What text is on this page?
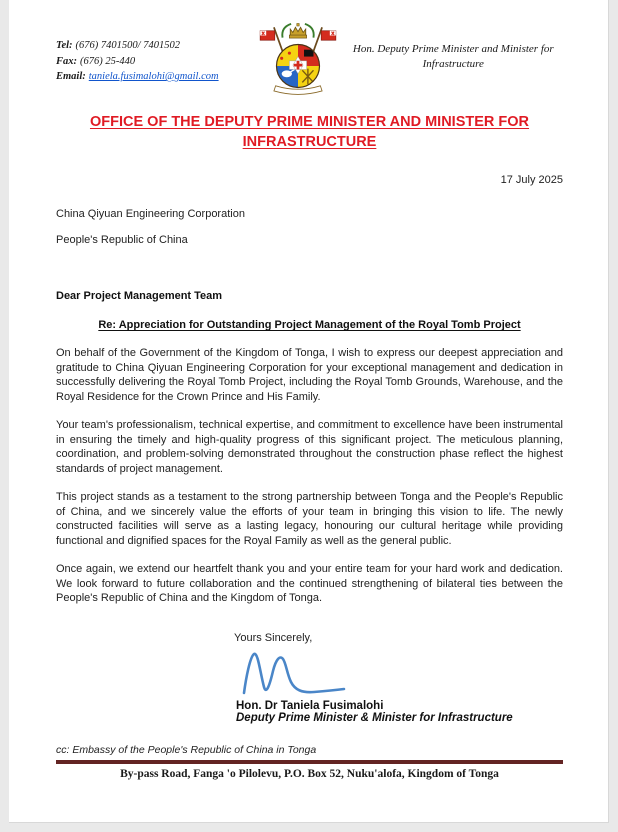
Tel: (676) 7401500/ 7401502
Fax: (676) 25-440
Email: taniela.fusimalohi@gmail.com
Hon. Deputy Prime Minister and Minister for Infrastructure
OFFICE OF THE DEPUTY PRIME MINISTER AND MINISTER FOR INFRASTRUCTURE
17 July 2025
China Qiyuan Engineering Corporation
People's Republic of China
Dear Project Management Team
Re: Appreciation for Outstanding Project Management of the Royal Tomb Project

On behalf of the Government of the Kingdom of Tonga, I wish to express our deepest appreciation and gratitude to China Qiyuan Engineering Corporation for your exceptional management and dedication in successfully delivering the Royal Tomb Project, including the Royal Tomb Grounds, Warehouse, and the Royal Residence for the Crown Prince and His Family.

Your team's professionalism, technical expertise, and commitment to excellence have been instrumental in ensuring the timely and high-quality progress of this significant project. The meticulous planning, coordination, and problem-solving demonstrated throughout the construction phase reflect the highest standards of project management.

This project stands as a testament to the strong partnership between Tonga and the People's Republic of China, and we sincerely value the efforts of your team in bringing this vision to life. The newly constructed facilities will serve as a lasting legacy, honouring our cultural heritage while providing functional and dignified spaces for the Royal Family as well as the general public.

Once again, we extend our heartfelt thank you and your entire team for your hard work and dedication. We look forward to future collaboration and the continued strengthening of bilateral ties between the People's Republic of China and the Kingdom of Tonga.

Yours Sincerely,
Hon. Dr Taniela Fusimalohi
Deputy Prime Minister & Minister for Infrastructure
cc: Embassy of the People's Republic of China in Tonga
By-pass Road, Fanga 'o Pilolevu, P.O. Box 52, Nuku'alofa, Kingdom of Tonga
